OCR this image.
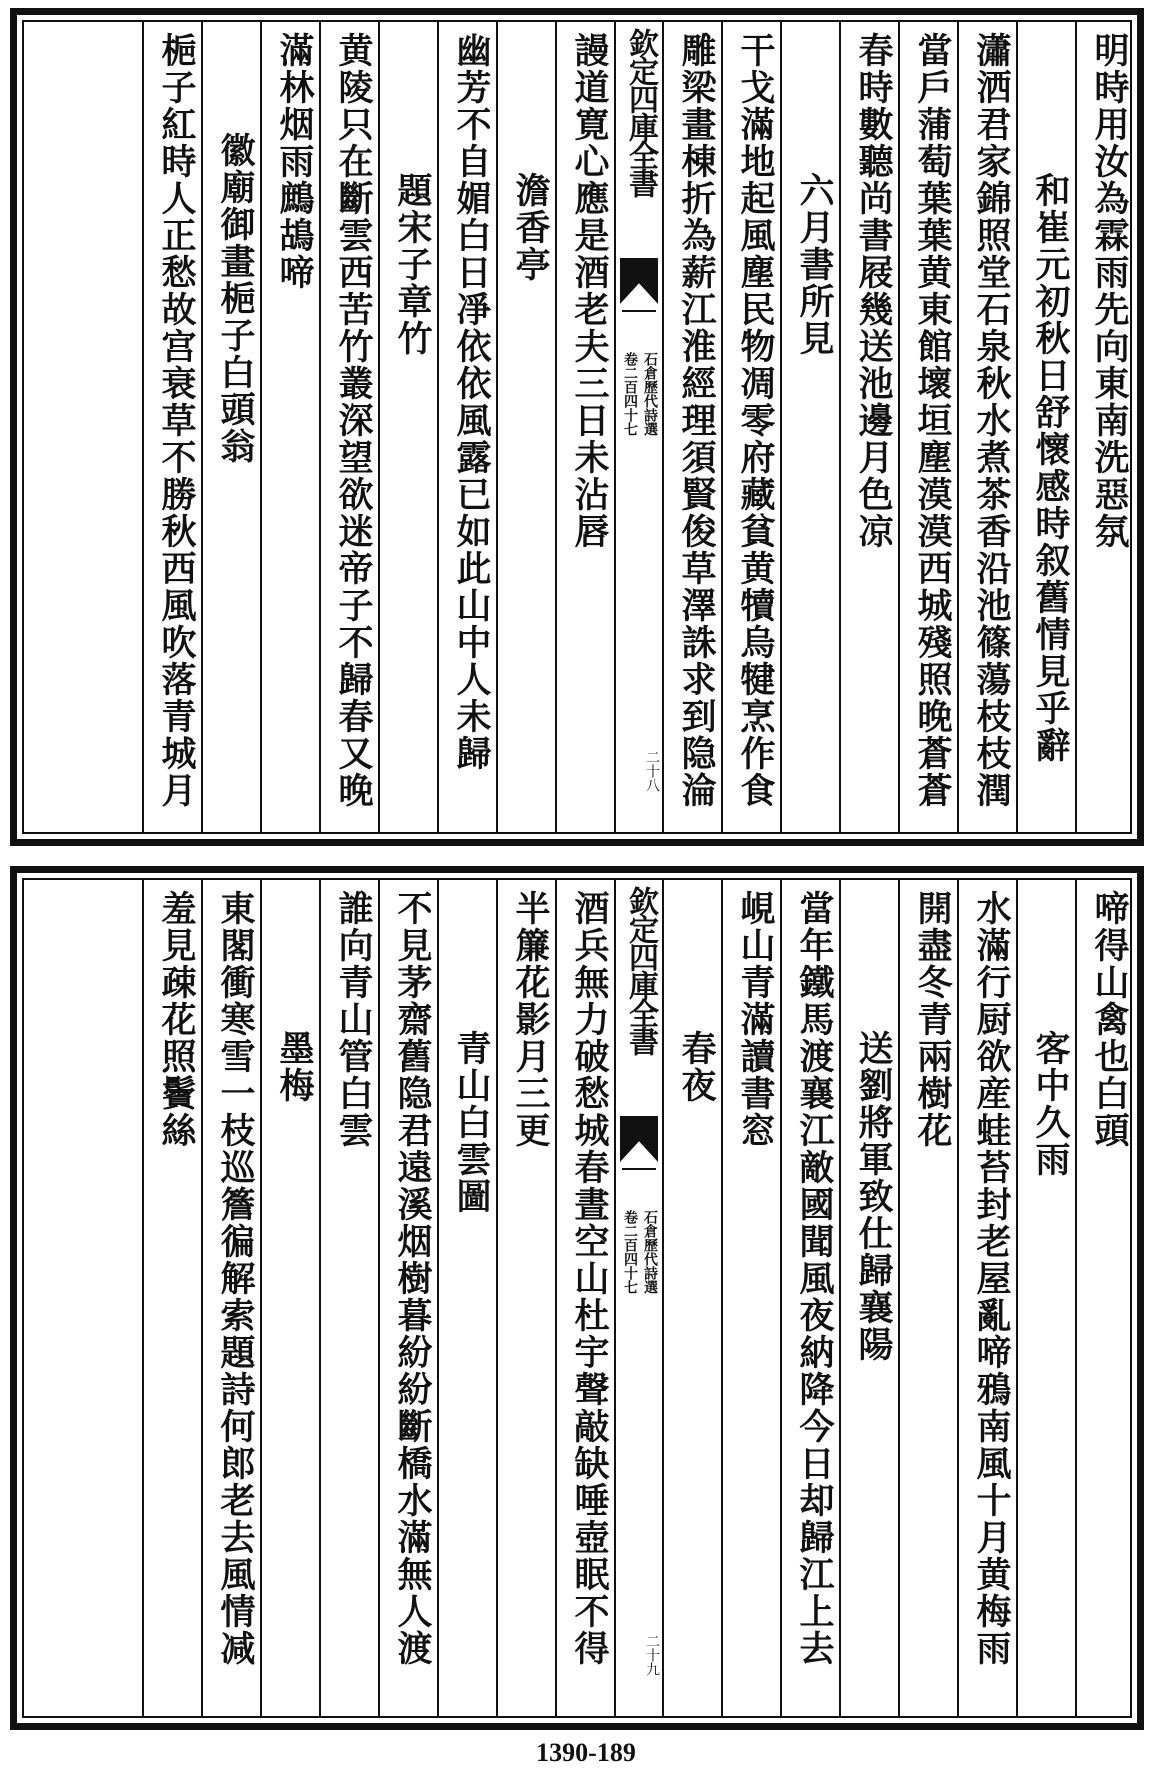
明時用汝為霖雨先向東南洗惡氛
和崔元初秋日舒懷感時叙舊情見乎辭
瀟洒君家錦照堂石泉秋水煮茶香沿池篠蕩枝枝潤
當戶蒲萄葉葉黄東館壞垣塵漠漠西城殘照晚蒼蒼
春時數聽尚書屐幾送池邊月色凉
六月書所見
干戈滿地起風塵民物凋零府藏貧黄犢烏犍烹作食
雕梁畫棟折為薪江淮經理須賢俊草澤誅求到隐淪
欽定四庫全書
石倉歷代詩選
卷二百四十七
二十八
謾道寛心應是酒老夫三日未沾唇
澹香亭
幽芳不自媚白日凈依依風露已如此山中人未歸
題宋子章竹
黄陵只在斷雲西苦竹叢深望欲迷帝子不歸春又晚
滿林烟雨鷓鴣啼
徽廟御畫梔子白頭翁
梔子紅時人正愁故宫衰草不勝秋西風吹落青城月
啼得山禽也白頭
客中久雨
水滿行厨欲産蛙苔封老屋亂啼鴉南風十月黄梅雨
開盡冬青兩樹花
送劉將軍致仕歸襄陽
當年鐵馬渡襄江敵國聞風夜納降今日却歸江上去
峴山青滿讀書窓
春夜
欽定四庫全書
石倉歷代詩選
卷二百四十七
二十九
酒兵無力破愁城春晝空山杜宇聲敲缺唾壺眠不得
半簾花影月三更
青山白雲圖
不見茅齋舊隐君遠溪烟樹暮紛紛斷橋水滿無人渡
誰向青山管白雲
墨梅
東閣衝寒雪一枝巡簷徧解索題詩何郎老去風情减
羞見疎花照鬢絲
1390-189
